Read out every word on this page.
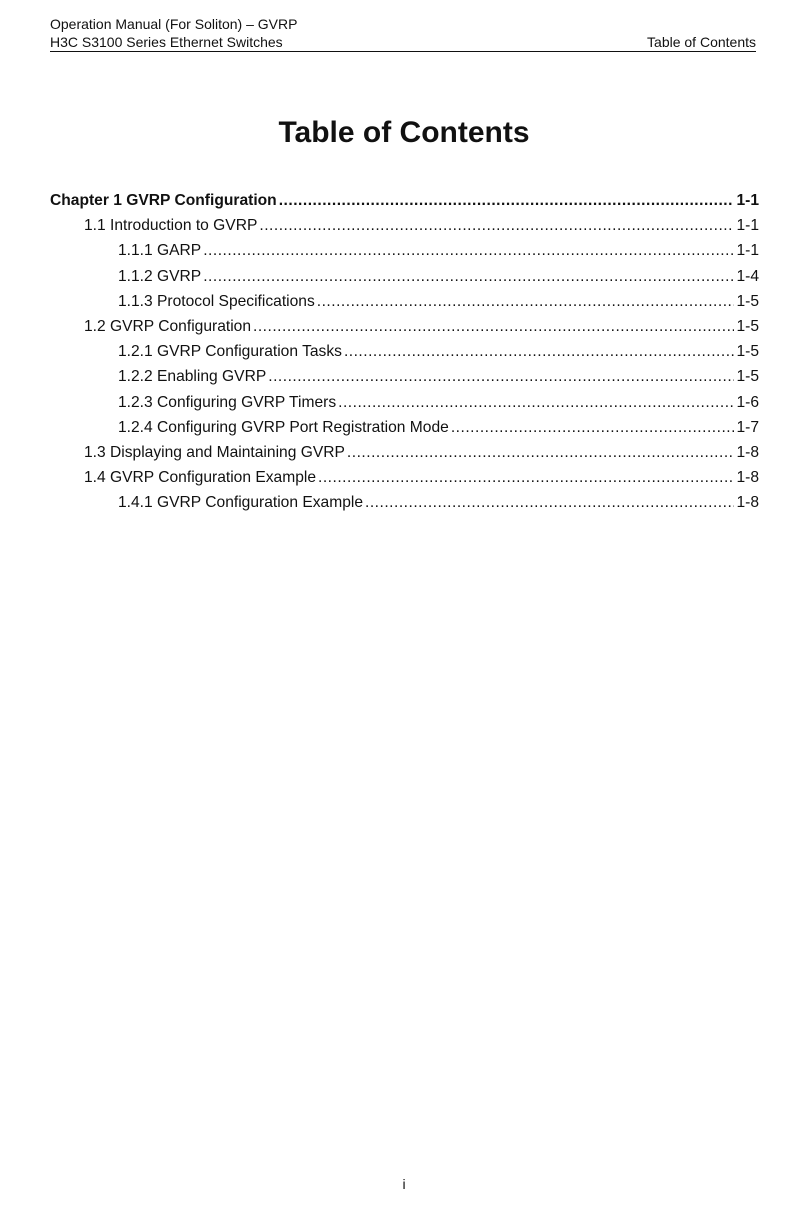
Operation Manual (For Soliton) – GVRP
H3C S3100 Series Ethernet Switches	Table of Contents
Table of Contents
Chapter 1 GVRP Configuration .....	1-1
1.1 Introduction to GVRP .....	1-1
1.1.1 GARP .....	1-1
1.1.2 GVRP .....	1-4
1.1.3 Protocol Specifications .....	1-5
1.2 GVRP Configuration .....	1-5
1.2.1 GVRP Configuration Tasks .....	1-5
1.2.2 Enabling GVRP .....	1-5
1.2.3 Configuring GVRP Timers .....	1-6
1.2.4 Configuring GVRP Port Registration Mode .....	1-7
1.3 Displaying and Maintaining GVRP .....	1-8
1.4 GVRP Configuration Example .....	1-8
1.4.1 GVRP Configuration Example .....	1-8
i
